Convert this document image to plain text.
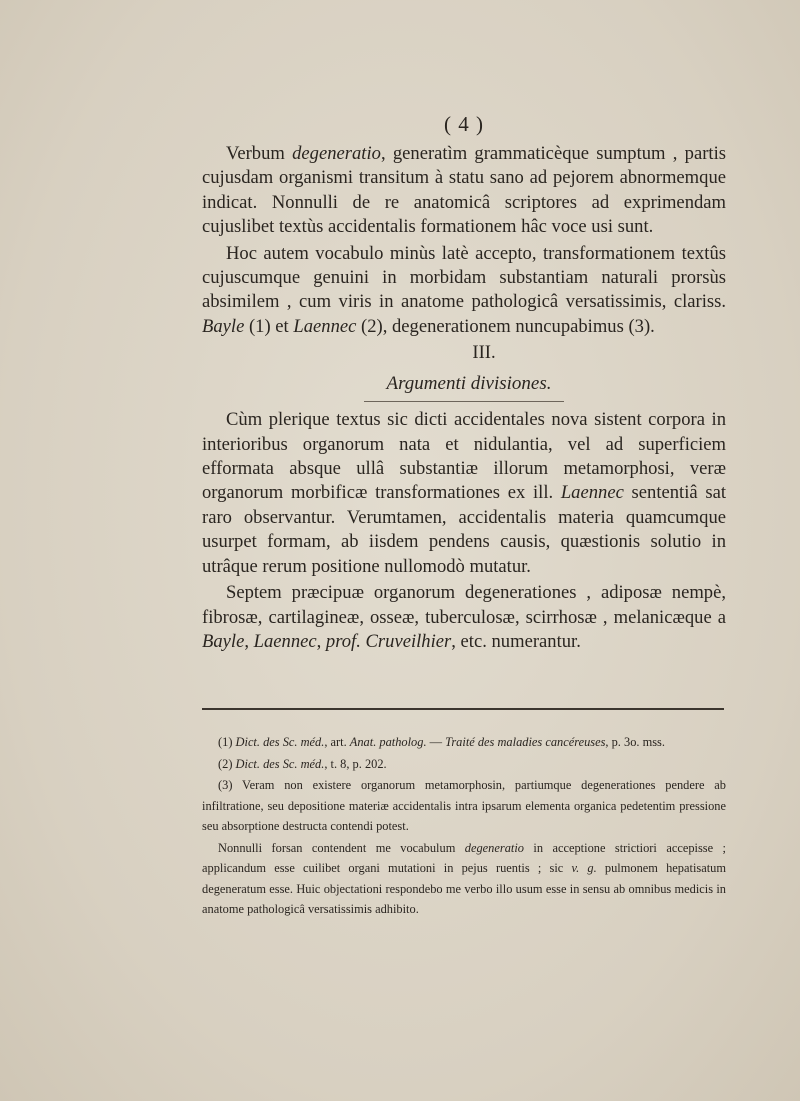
( 4 )

Verbum degeneratio, generatìm grammaticèque sumptum , partis cujusdam organismi transitum à statu sano ad pejorem abnormemque indicat. Nonnulli de re anatomicâ scriptores ad exprimendam cujuslibet textùs accidentalis formationem hâc voce usi sunt.

Hoc autem vocabulo minùs latè accepto, transformationem textûs cujuscumque genuini in morbidam substantiam naturali prorsùs absimilem , cum viris in anatome pathologicâ versatissimis, clariss. Bayle (1) et Laennec (2), degenerationem nuncupabimus (3).

III.
Argumenti divisiones.

Cùm plerique textus sic dicti accidentales nova sistent corpora in interioribus organorum nata et nidulantia, vel ad superficiem efformata absque ullâ substantiæ illorum metamorphosi, veræ organorum morbificæ transformationes ex ill. Laennec sententiâ sat raro observantur. Verumtamen, accidentalis materia quamcumque usurpet formam, ab iisdem pendens causis, quæstionis solutio in utrâque rerum positione nullomodò mutatur.

Septem præcipuæ organorum degenerationes , adiposæ nempè, fibrosæ, cartilagineæ, osseæ, tuberculosæ, scirrhosæ , melanicæque a Bayle, Laennec, prof. Cruveilhier, etc. numerantur.

(1) Dict. des Sc. méd., art. Anat. patholog. — Traité des maladies cancéreuses, p. 3o. mss.

(2) Dict. des Sc. méd., t. 8, p. 202.

(3) Veram non existere organorum metamorphosin, partiumque degenerationes pendere ab infiltratione, seu depositione materiæ accidentalis intra ipsarum elementa organica pedetentim pressione seu absorptione destructa contendi potest.

Nonnulli forsan contendent me vocabulum degeneratio in acceptione strictiori accepisse ; applicandum esse cuilibet organi mutationi in pejus ruentis ; sic v. g. pulmonem hepatisatum degeneratum esse. Huic objectationi respondebo me verbo illo usum esse in sensu ab omnibus medicis in anatome pathologicâ versatissimis adhibito.
